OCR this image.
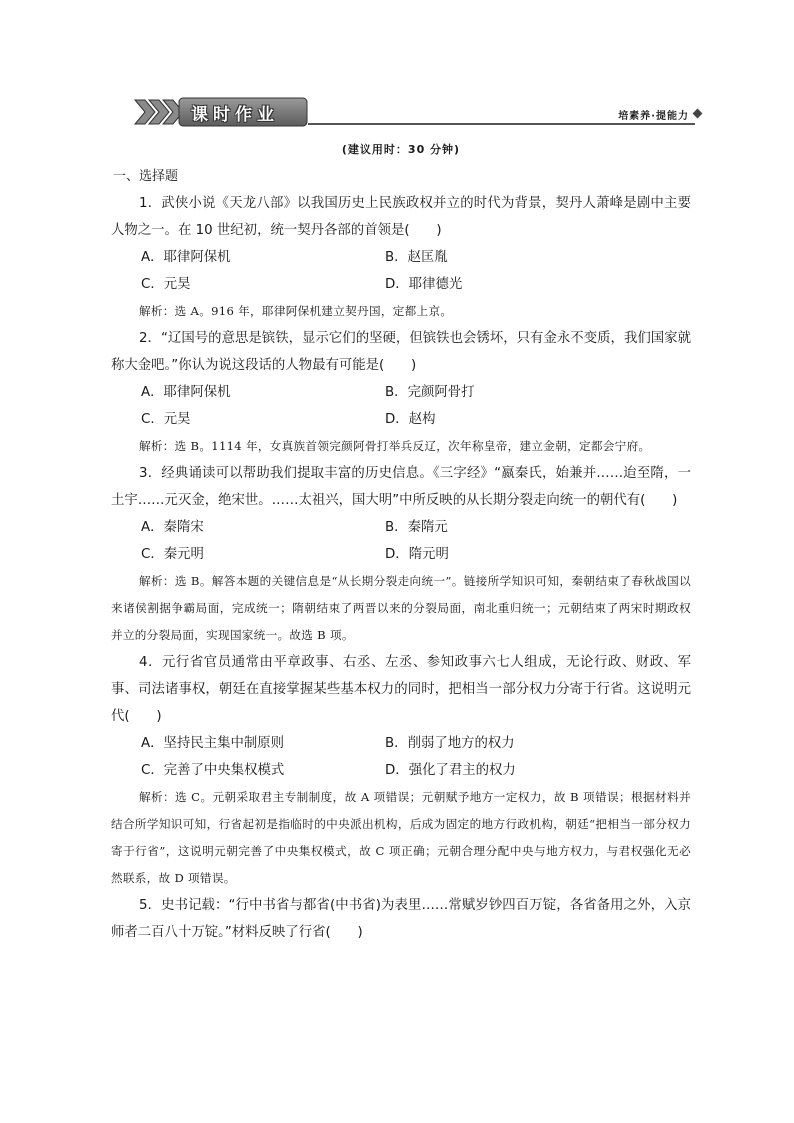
课时作业	培素养·提能力
(建议用时：30 分钟)
一、选择题

1．武侠小说《天龙八部》以我国历史上民族政权并立的时代为背景，契丹人萧峰是剧中主要人物之一。在 10 世纪初，统一契丹各部的首领是(　　)

A．耶律阿保机	B．赵匡胤
C．元昊	D．耶律德光

解析：选 A。916 年，耶律阿保机建立契丹国，定都上京。

2．“辽国号的意思是镔铁，显示它们的坚硬，但镔铁也会锈坏，只有金永不变质，我们国家就称大金吧。”你认为说这段话的人物最有可能是(　　)

A．耶律阿保机	B．完颜阿骨打
C．元昊	D．赵构

解析：选 B。1114 年，女真族首领完颜阿骨打举兵反辽，次年称皇帝，建立金朝，定都会宁府。

3．经典诵读可以帮助我们提取丰富的历史信息。《三字经》“嬴秦氏，始兼并……迨至隋，一土宇……元灭金，绝宋世。……太祖兴，国大明”中所反映的从长期分裂走向统一的朝代有(　　)

A．秦隋宋	B．秦隋元
C．秦元明	D．隋元明

解析：选 B。解答本题的关键信息是“从长期分裂走向统一”。链接所学知识可知，秦朝结束了春秋战国以来诸侯割据争霸局面，完成统一；隋朝结束了两晋以来的分裂局面，南北重归统一；元朝结束了两宋时期政权并立的分裂局面，实现国家统一。故选 B 项。

4．元行省官员通常由平章政事、右丞、左丞、参知政事六七人组成，无论行政、财政、军事、司法诸事权，朝廷在直接掌握某些基本权力的同时，把相当一部分权力分寄于行省。这说明元代(　　)

A．坚持民主集中制原则	B．削弱了地方的权力
C．完善了中央集权模式	D．强化了君主的权力

解析：选 C。元朝采取君主专制制度，故 A 项错误；元朝赋予地方一定权力，故 B 项错误；根据材料并结合所学知识可知，行省起初是指临时的中央派出机构，后成为固定的地方行政机构，朝廷“把相当一部分权力寄于行省”，这说明元朝完善了中央集权模式，故 C 项正确；元朝合理分配中央与地方权力，与君权强化无必然联系，故 D 项错误。

5．史书记载：“行中书省与都省(中书省)为表里……常赋岁钞四百万锭，各省备用之外，入京师者二百八十万锭。”材料反映了行省(　　)
